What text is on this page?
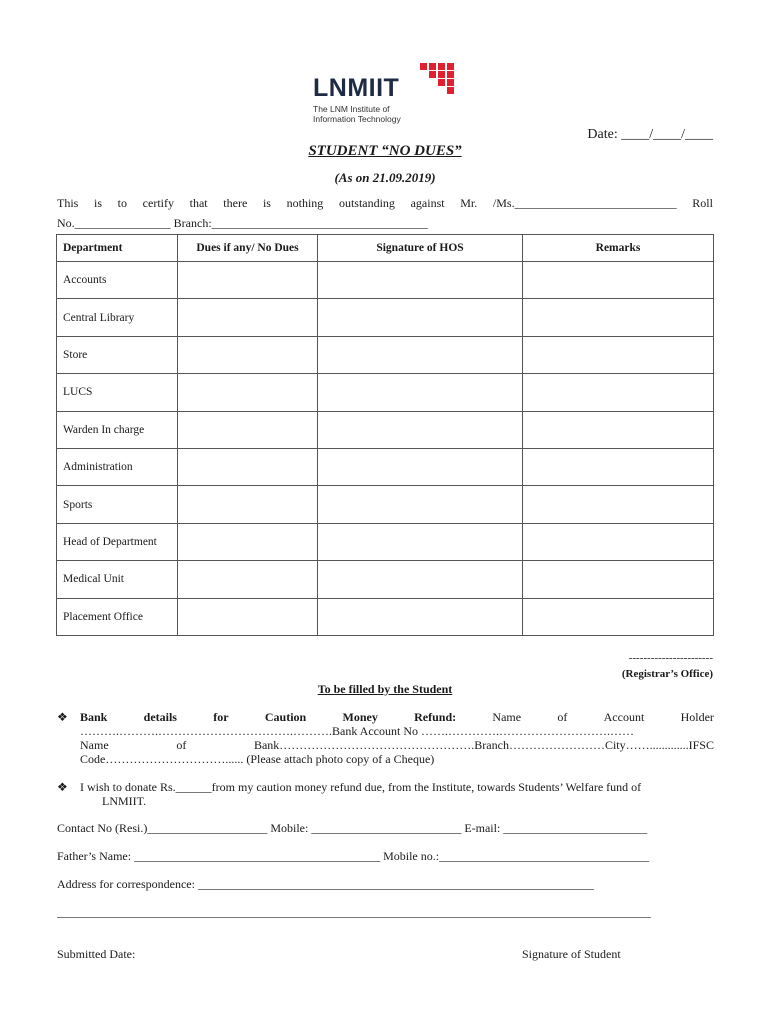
LNMIIT
The LNM Institute of
Information Technology
Date: ____/____/____
STUDENT “NO DUES”
(As on 21.09.2019)
This is to certify that there is nothing outstanding against Mr. /Ms.___________________________ Roll
No.________________ Branch:____________________________________
Department	Dues if any/ No Dues	Signature of HOS	Remarks
Accounts			
Central Library			
Store			
LUCS			
Warden In charge			
Administration			
Sports			
Head of Department			
Medical Unit			
Placement Office			
-----------------------
(Registrar’s Office)
To be filled by the Student
❖ Bank	details	for	Caution	Money	Refund:	Name	of	Account	Holder
……….……….…………………………….……….Bank Account No …….………….……………………….……
Name	of	Bank………………………………………….Branch……………………City…….............IFSC
Code…………………………...... (Please attach photo copy of a Cheque)
❖ I wish to donate Rs.______from my caution money refund due, from the Institute, towards Students’ Welfare fund of
LNMIIT.
Contact No (Resi.)____________________ Mobile: _________________________ E-mail: ________________________
Father’s Name: _________________________________________ Mobile no.:___________________________________
Address for correspondence: __________________________________________________________________
___________________________________________________________________________________________________
Submitted Date:	Signature of Student
